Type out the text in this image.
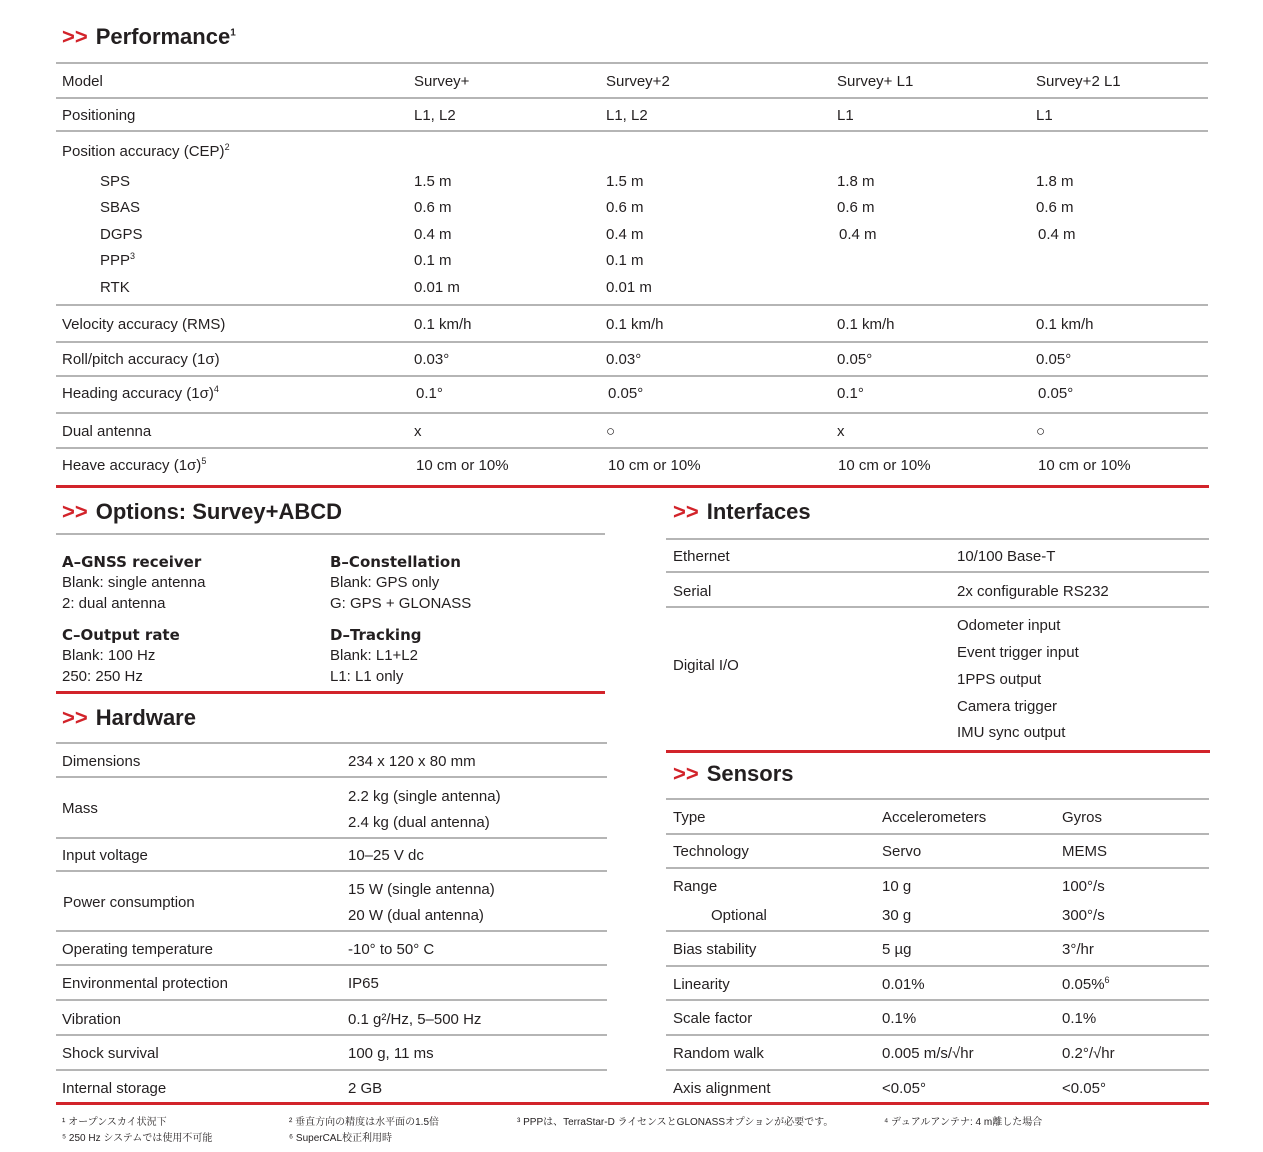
>> Performance$^1$
Model	Survey+	Survey+2	Survey+ L1	Survey+2 L1
Positioning	L1, L2	L1, L2	L1	L1
Position accuracy (CEP)$^2$
SPS	1.5 m	1.5 m	1.8 m	1.8 m
SBAS	0.6 m	0.6 m	0.6 m	0.6 m
DGPS	0.4 m	0.4 m	0.4 m	0.4 m
PPP$^3$	0.1 m	0.1 m
RTK	0.01 m	0.01 m
Velocity accuracy (RMS)	0.1 km/h	0.1 km/h	0.1 km/h	0.1 km/h
Roll/pitch accuracy (1σ)	0.03°	0.03°	0.05°	0.05°
Heading accuracy $(1\sigma)^4$	0.1°	0.05°	0.1°	0.05°
Dual antenna	x	○	x	○
Heave accuracy $(1\sigma)^5$	10 cm or 10%	10 cm or 10%	10 cm or 10%	10 cm or 10%
>> Options: Survey+ABCD
A–GNSS receiver
Blank: single antenna
2: dual antenna
B–Constellation
Blank: GPS only
G: GPS + GLONASS
C–Output rate
Blank: 100 Hz
250: 250 Hz
D–Tracking
Blank: L1+L2
L1: L1 only
>> Hardware
Dimensions	234 x 120 x 80 mm
Mass
2.2 kg (single antenna)
2.4 kg (dual antenna)
Input voltage	10–25 V dc
Power consumption
15 W (single antenna)
20 W (dual antenna)
Operating temperature	-10° to 50° C
Environmental protection	IP65
Vibration	0.1 g²/Hz, 5–500 Hz
Shock survival	100 g, 11 ms
Internal storage	2 GB
>> Interfaces
Ethernet	10/100 Base-T
Serial	2x configurable RS232
Digital I/O
Odometer input
Event trigger input
1PPS output
Camera trigger
IMU sync output
>> Sensors
Type	Accelerometers	Gyros
Technology	Servo	MEMS
Range	10 g	100°/s
Optional	30 g	300°/s
Bias stability	5 µg	3°/hr
Linearity	0.01%	0.05%$^6$
Scale factor	0.1%	0.1%
Random walk	0.005 m/s/√hr	0.2°/√hr
Axis alignment	<0.05°	<0.05°
¹ オープンスカイ状況下
⁵ 250 Hz システムでは使用不可能
² 垂直方向の精度は水平面の1.5倍
⁶ SuperCAL校正利用時
³ PPPは、TerraStar-D ライセンスとGLONASSオプションが必要です。	⁴ デュアルアンテナ: 4 m離した場合
